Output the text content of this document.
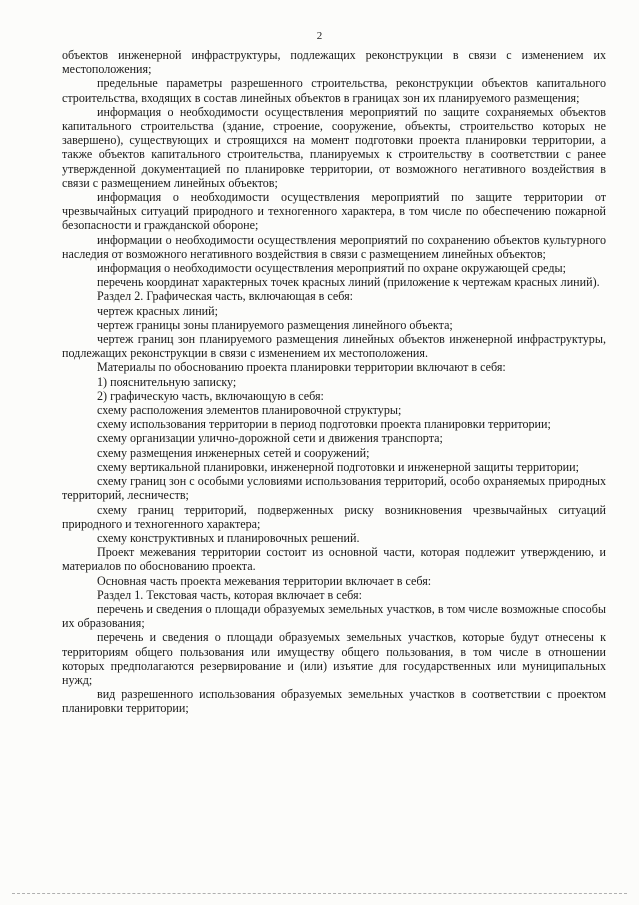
2

объектов инженерной инфраструктуры, подлежащих реконструкции в связи с изменением их местоположения;

предельные параметры разрешенного строительства, реконструкции объектов капитального строительства, входящих в состав линейных объектов в границах зон их планируемого размещения;

информация о необходимости осуществления мероприятий по защите сохраняемых объектов капитального строительства (здание, строение, сооружение, объекты, строительство которых не завершено), существующих и строящихся на момент подготовки проекта планировки территории, а также объектов капитального строительства, планируемых к строительству в соответствии с ранее утвержденной документацией по планировке территории, от возможного негативного воздействия в связи с размещением линейных объектов;

информация о необходимости осуществления мероприятий по защите территории от чрезвычайных ситуаций природного и техногенного характера, в том числе по обеспечению пожарной безопасности и гражданской обороне;

информации о необходимости осуществления мероприятий по сохранению объектов культурного наследия от возможного негативного воздействия в связи с размещением линейных объектов;

информация о необходимости осуществления мероприятий по охране окружающей среды;

перечень координат характерных точек красных линий (приложение к чертежам красных линий).

Раздел 2. Графическая часть, включающая в себя:

чертеж красных линий;

чертеж границы зоны планируемого размещения линейного объекта;

чертеж границ зон планируемого размещения линейных объектов инженерной инфраструктуры, подлежащих реконструкции в связи с изменением их местоположения.

Материалы по обоснованию проекта планировки территории включают в себя:

1) пояснительную записку;

2) графическую часть, включающую в себя:

схему расположения элементов планировочной структуры;

схему использования территории в период подготовки проекта планировки территории;

схему организации улично-дорожной сети и движения транспорта;

схему размещения инженерных сетей и сооружений;

схему вертикальной планировки, инженерной подготовки и инженерной защиты территории;

схему границ зон с особыми условиями использования территорий, особо охраняемых природных территорий, лесничеств;

схему границ территорий, подверженных риску возникновения чрезвычайных ситуаций природного и техногенного характера;

схему конструктивных и планировочных решений.

Проект межевания территории состоит из основной части, которая подлежит утверждению, и материалов по обоснованию проекта.

Основная часть проекта межевания территории включает в себя:

Раздел 1. Текстовая часть, которая включает в себя:

перечень и сведения о площади образуемых земельных участков, в том числе возможные способы их образования;

перечень и сведения о площади образуемых земельных участков, которые будут отнесены к территориям общего пользования или имуществу общего пользования, в том числе в отношении которых предполагаются резервирование и (или) изъятие для государственных или муниципальных нужд;

вид разрешенного использования образуемых земельных участков в соответствии с проектом планировки территории;
